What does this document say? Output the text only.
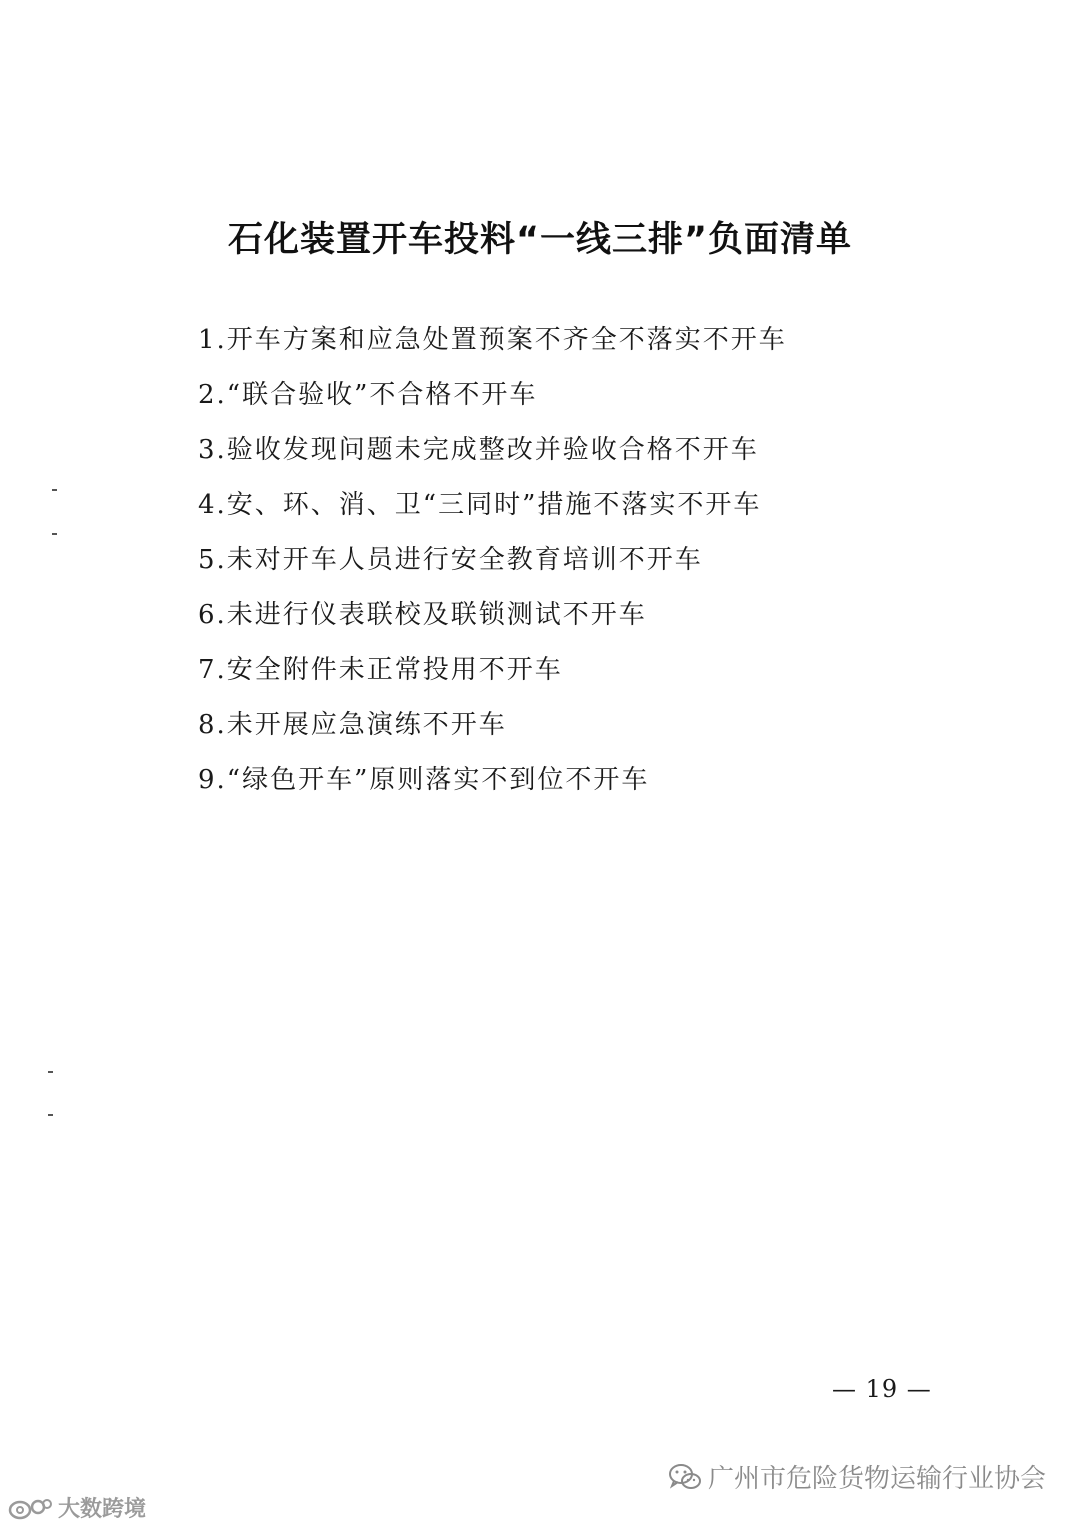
石化装置开车投料“一线三排”负面清单
1.开车方案和应急处置预案不齐全不落实不开车
2.“联合验收”不合格不开车
3.验收发现问题未完成整改并验收合格不开车
4.安、环、消、卫“三同时”措施不落实不开车
5.未对开车人员进行安全教育培训不开车
6.未进行仪表联校及联锁测试不开车
7.安全附件未正常投用不开车
8.未开展应急演练不开车
9.“绿色开车”原则落实不到位不开车
— 19 —
广州市危险货物运输行业协会
大数跨境
